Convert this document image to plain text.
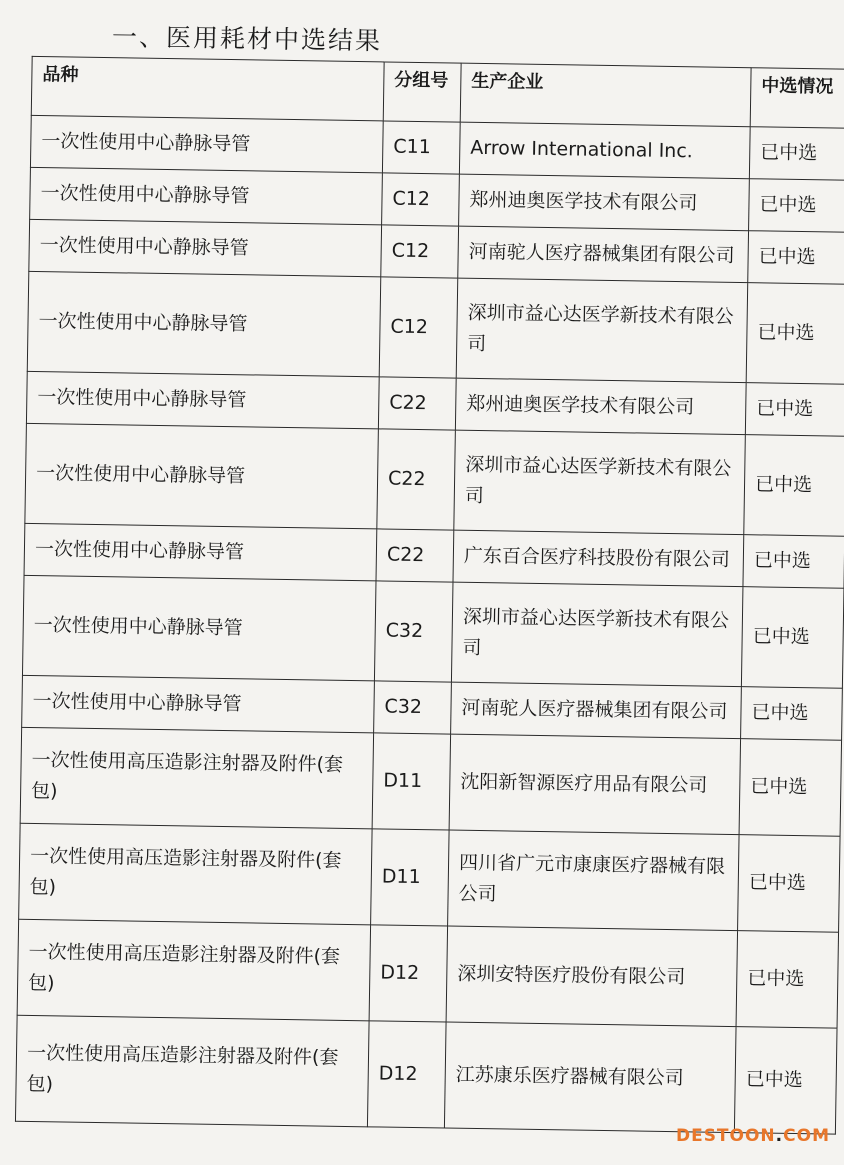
一、医用耗材中选结果
品种	分组号	生产企业	中选情况
一次性使用中心静脉导管	C11	Arrow International Inc.	已中选
一次性使用中心静脉导管	C12	郑州迪奥医学技术有限公司	已中选
一次性使用中心静脉导管	C12	河南驼人医疗器械集团有限公司	已中选
一次性使用中心静脉导管	C12	深圳市益心达医学新技术有限公司	已中选
一次性使用中心静脉导管	C22	郑州迪奥医学技术有限公司	已中选
一次性使用中心静脉导管	C22	深圳市益心达医学新技术有限公司	已中选
一次性使用中心静脉导管	C22	广东百合医疗科技股份有限公司	已中选
一次性使用中心静脉导管	C32	深圳市益心达医学新技术有限公司	已中选
一次性使用中心静脉导管	C32	河南驼人医疗器械集团有限公司	已中选
一次性使用高压造影注射器及附件(套包)	D11	沈阳新智源医疗用品有限公司	已中选
一次性使用高压造影注射器及附件(套包)	D11	四川省广元市康康医疗器械有限公司	已中选
一次性使用高压造影注射器及附件(套包)	D12	深圳安特医疗股份有限公司	已中选
一次性使用高压造影注射器及附件(套包)	D12	江苏康乐医疗器械有限公司	已中选
DESTOON.COM
